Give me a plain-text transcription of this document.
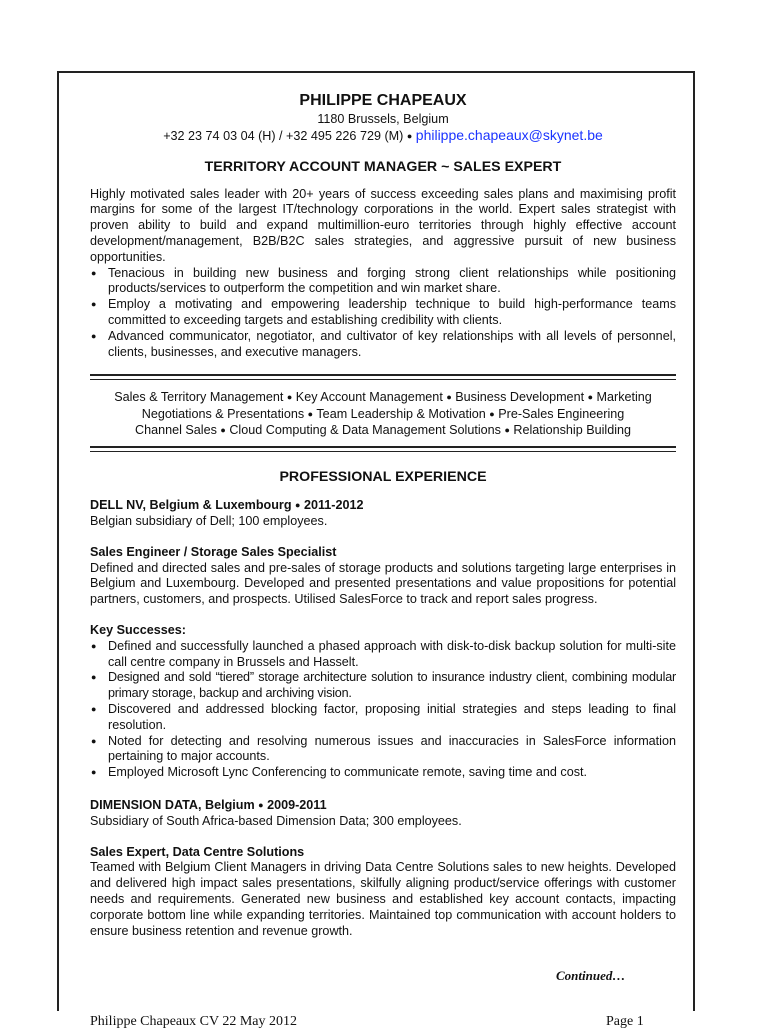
PHILIPPE CHAPEAUX
1180 Brussels, Belgium
+32 23 74 03 04 (H) / +32 495 226 729 (M) ● philippe.chapeaux@skynet.be
TERRITORY ACCOUNT MANAGER ~ SALES EXPERT
Highly motivated sales leader with 20+ years of success exceeding sales plans and maximising profit margins for some of the largest IT/technology corporations in the world. Expert sales strategist with proven ability to build and expand multimillion-euro territories through highly effective account development/management, B2B/B2C sales strategies, and aggressive pursuit of new business opportunities.
● Tenacious in building new business and forging strong client relationships while positioning products/services to outperform the competition and win market share.
● Employ a motivating and empowering leadership technique to build high-performance teams committed to exceeding targets and establishing credibility with clients.
● Advanced communicator, negotiator, and cultivator of key relationships with all levels of personnel, clients, businesses, and executive managers.
Sales & Territory Management ● Key Account Management ● Business Development ● Marketing
Negotiations & Presentations ● Team Leadership & Motivation ● Pre-Sales Engineering
Channel Sales ● Cloud Computing & Data Management Solutions ● Relationship Building
PROFESSIONAL EXPERIENCE
DELL NV, Belgium & Luxembourg ● 2011-2012
Belgian subsidiary of Dell; 100 employees.
Sales Engineer / Storage Sales Specialist
Defined and directed sales and pre-sales of storage products and solutions targeting large enterprises in Belgium and Luxembourg. Developed and presented presentations and value propositions for potential partners, customers, and prospects. Utilised SalesForce to track and report sales progress.
Key Successes:
● Defined and successfully launched a phased approach with disk-to-disk backup solution for multi-site call centre company in Brussels and Hasselt.
● Designed and sold “tiered” storage architecture solution to insurance industry client, combining modular primary storage, backup and archiving vision.
● Discovered and addressed blocking factor, proposing initial strategies and steps leading to final resolution.
● Noted for detecting and resolving numerous issues and inaccuracies in SalesForce information pertaining to major accounts.
● Employed Microsoft Lync Conferencing to communicate remote, saving time and cost.
DIMENSION DATA, Belgium ● 2009-2011
Subsidiary of South Africa-based Dimension Data; 300 employees.
Sales Expert, Data Centre Solutions
Teamed with Belgium Client Managers in driving Data Centre Solutions sales to new heights. Developed and delivered high impact sales presentations, skilfully aligning product/service offerings with customer needs and requirements. Generated new business and established key account contacts, impacting corporate bottom line while expanding territories. Maintained top communication with account holders to ensure business retention and revenue growth.
Continued…
Philippe Chapeaux CV 22 May 2012	Page 1
